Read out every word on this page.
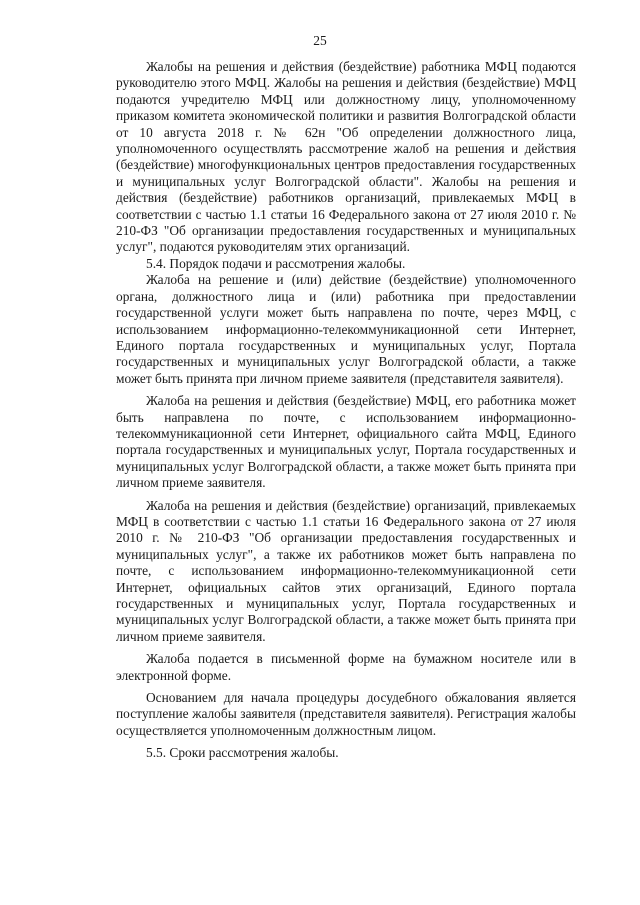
25

Жалобы на решения и действия (бездействие) работника МФЦ подаются руководителю этого МФЦ. Жалобы на решения и действия (бездействие) МФЦ подаются учредителю МФЦ или должностному лицу, уполномоченному приказом комитета экономической политики и развития Волгоградской области от 10 августа 2018 г. № 62н "Об определении должностного лица, уполномоченного осуществлять рассмотрение жалоб на решения и действия (бездействие) многофункциональных центров предоставления государственных и муниципальных услуг Волгоградской области". Жалобы на решения и действия (бездействие) работников организаций, привлекаемых МФЦ в соответствии с частью 1.1 статьи 16 Федерального закона от 27 июля 2010 г. № 210-ФЗ "Об организации предоставления государственных и муниципальных услуг", подаются руководителям этих организаций.

5.4. Порядок подачи и рассмотрения жалобы.

Жалоба на решение и (или) действие (бездействие) уполномоченного органа, должностного лица и (или) работника при предоставлении государственной услуги может быть направлена по почте, через МФЦ, с использованием информационно-телекоммуникационной сети Интернет, Единого портала государственных и муниципальных услуг, Портала государственных и муниципальных услуг Волгоградской области, а также может быть принята при личном приеме заявителя (представителя заявителя).

Жалоба на решения и действия (бездействие) МФЦ, его работника может быть направлена по почте, с использованием информационно-телекоммуникационной сети Интернет, официального сайта МФЦ, Единого портала государственных и муниципальных услуг, Портала государственных и муниципальных услуг Волгоградской области, а также может быть принята при личном приеме заявителя.

Жалоба на решения и действия (бездействие) организаций, привлекаемых МФЦ в соответствии с частью 1.1 статьи 16 Федерального закона от 27 июля 2010 г. № 210-ФЗ "Об организации предоставления государственных и муниципальных услуг", а также их работников может быть направлена по почте, с использованием информационно-телекоммуникационной сети Интернет, официальных сайтов этих организаций, Единого портала государственных и муниципальных услуг, Портала государственных и муниципальных услуг Волгоградской области, а также может быть принята при личном приеме заявителя.

Жалоба подается в письменной форме на бумажном носителе или в электронной форме.

Основанием для начала процедуры досудебного обжалования является поступление жалобы заявителя (представителя заявителя). Регистрация жалобы осуществляется уполномоченным должностным лицом.

5.5. Сроки рассмотрения жалобы.
